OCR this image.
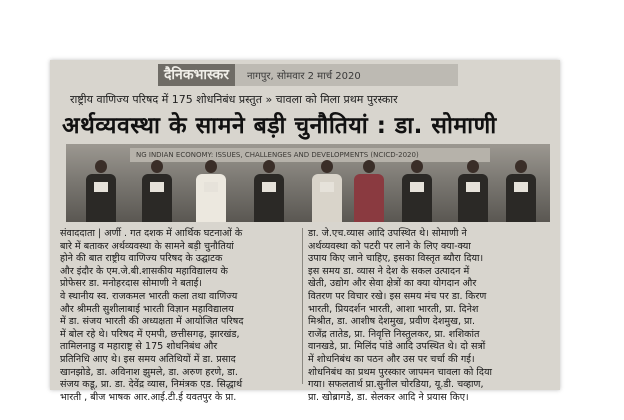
दैनिकभास्कर	नागपुर, सोमवार 2 मार्च 2020
राष्ट्रीय वाणिज्य परिषद में 175 शोधनिबंध प्रस्तुत » चावला को मिला प्रथम पुरस्कार
अर्थव्यवस्था के सामने बड़ी चुनौतियां : डा. सोमाणी
NG INDIAN ECONOMY: ISSUES, CHALLENGES AND DEVELOPMENTS (NCICD-2020)
संवाददाता | अर्णी . गत दशक में आर्थिक घटनाओं के
बारे में बताकर अर्थव्यवस्था के सामने बड़ी चुनौतियां
होने की बात राष्ट्रीय वाणिज्य परिषद के उद्घाटक
और इंदौर के एम.जे.बी.शासकीय महाविद्यालय के
प्रोफेसर डा. मनोहरदास सोमाणी ने बताई।
वे स्थानीय स्व. राजकमल भारती कला तथा वाणिज्य
और श्रीमती सुशीलाबाई भारती विज्ञान महाविद्यालय
में डा. संजय भारती की अध्यक्षता में आयोजित परिषद
में बोल रहे थे। परिषद में एमपी, छत्तीसगढ़, झारखंड,
तामिलनाडु व महाराष्ट्र से 175 शोधनिबंध और
प्रतिनिधि आए थे। इस समय अतिथियों में डा. प्रसाद
खानझोडे, डा. अविनाश झुमले, डा. अरुण हरणे, डा.
संजय कडू, प्रा. डा. देवेंद्र व्यास, निमंत्रक एड. सिद्धार्थ
भारती , बीज भाषक आर.आई.टी.ई यवतपुर के प्रा.
डा. जे.एच.व्यास आदि उपस्थित थे। सोमाणी ने
अर्थव्यवस्था को पटरी पर लाने के लिए क्या-क्या
उपाय किए जाने चाहिए, इसका विस्तृत ब्यौरा दिया।
इस समय डा. व्यास ने देश के सकल उत्पादन में
खेती, उद्योग और सेवा क्षेत्रों का क्या योगदान और
वितरण पर विचार रखे। इस समय मंच पर डा. किरण
भारती, प्रियदर्शन भारती, आशा भारती, प्रा. दिनेश
मिश्रीत, डा. आशीष देशमुख, प्रवीण देशमुख, प्रा.
राजेंद्र तातेड, प्रा. निवृत्ति निस्तुलकर, प्रा. शशिकांत
वानखडे, प्रा. मिलिंद पांडे आदि उपस्थित थे। दो सत्रों
में शोधनिबंध का पठन और उस पर चर्चा की गई।
शोधनिबंध का प्रथम पुरस्कार जापमन चावला को दिया
गया। सफलतार्थ प्रा.सुनील चोरडिया, यू.डी. चव्हाण,
प्रा. खोब्रागडे, डा. सेलकर आदि ने प्रयास किए।
